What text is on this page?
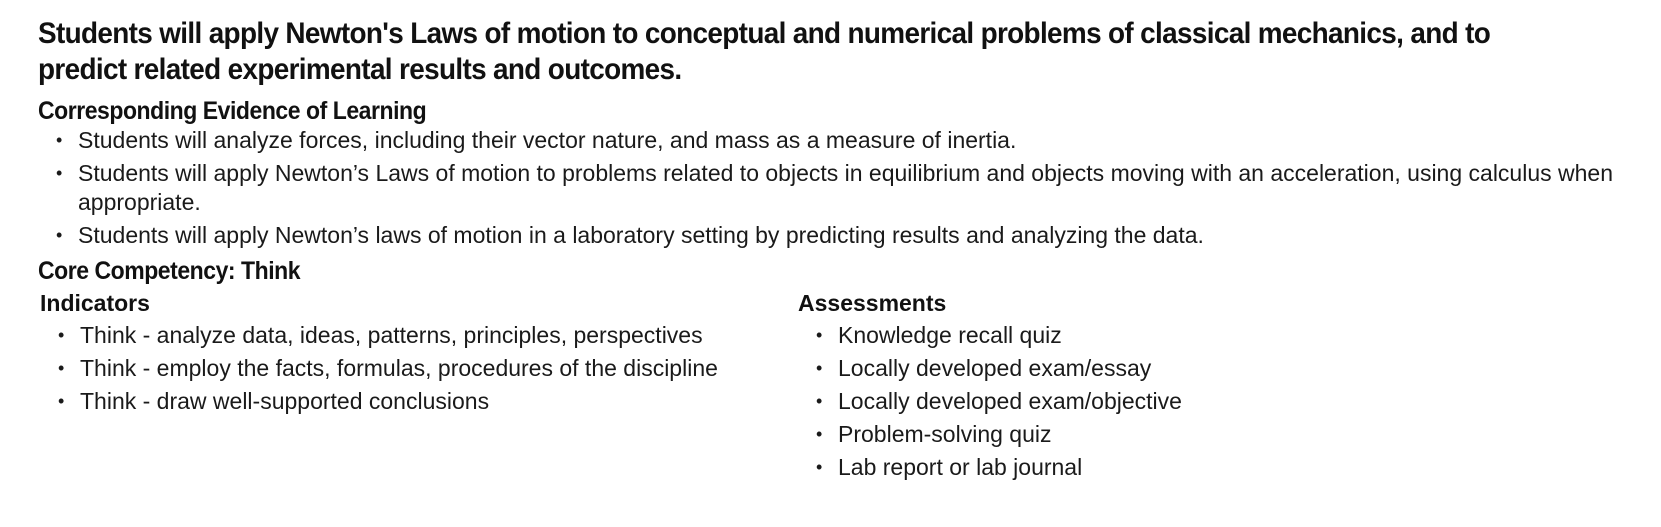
Students will apply Newton's Laws of motion to conceptual and numerical problems of classical mechanics, and to predict related experimental results and outcomes.
Corresponding Evidence of Learning
• Students will analyze forces, including their vector nature, and mass as a measure of inertia.
• Students will apply Newton’s Laws of motion to problems related to objects in equilibrium and objects moving with an acceleration, using calculus when appropriate.
• Students will apply Newton’s laws of motion in a laboratory setting by predicting results and analyzing the data.
Core Competency: Think
Indicators
• Think - analyze data, ideas, patterns, principles, perspectives
• Think - employ the facts, formulas, procedures of the discipline
• Think - draw well-supported conclusions
Assessments
• Knowledge recall quiz
• Locally developed exam/essay
• Locally developed exam/objective
• Problem-solving quiz
• Lab report or lab journal
